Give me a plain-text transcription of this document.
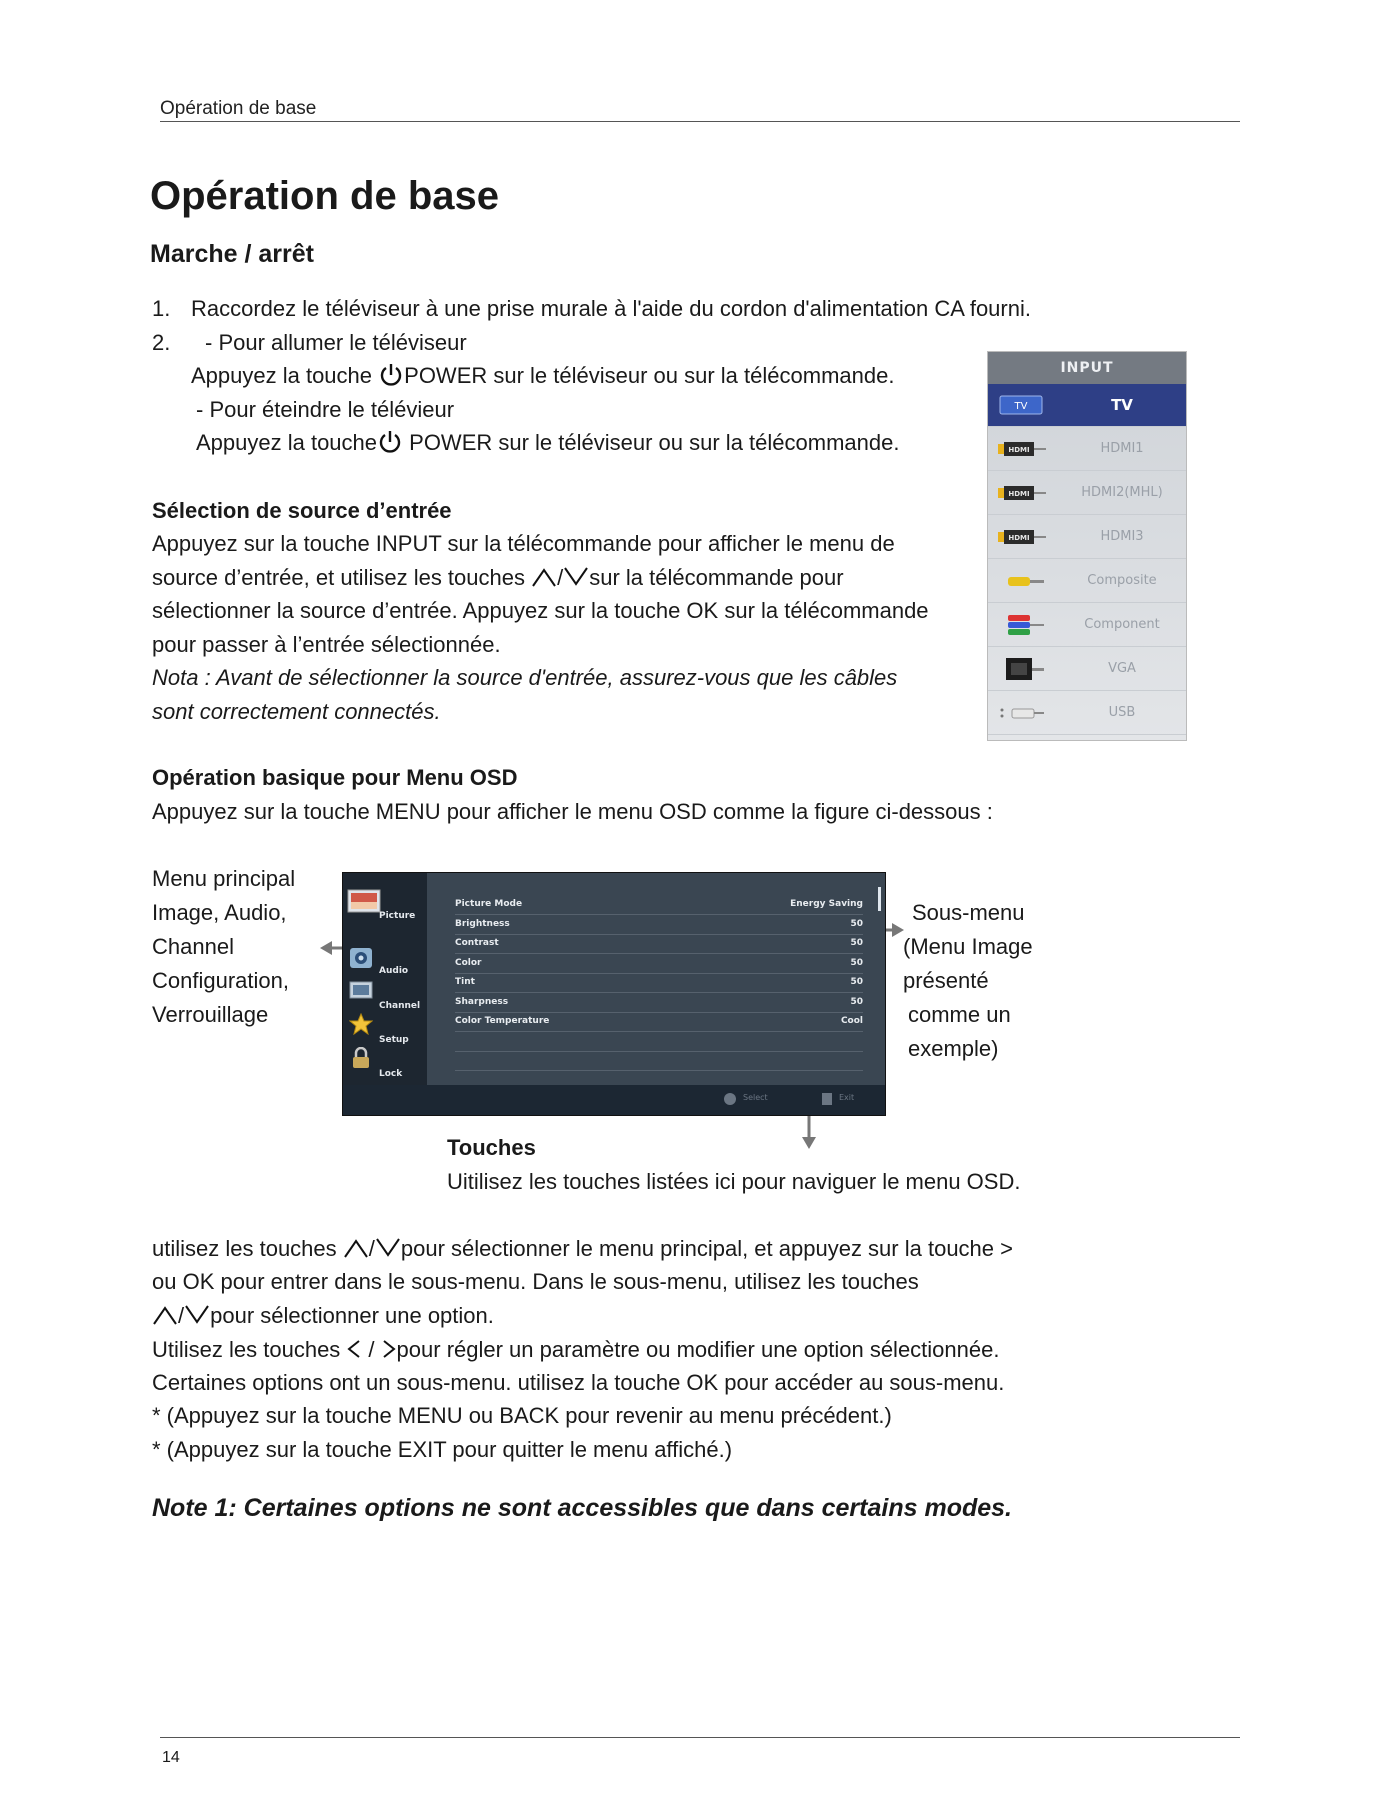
Opération de base
Opération de base
Marche / arrêt
1. Raccordez le téléviseur à une prise murale à l'aide du cordon d'alimentation CA fourni.
2. - Pour allumer le téléviseur
Appuyez la touche POWER sur le téléviseur ou sur la télécommande.
- Pour éteindre le télévieur
Appuyez la touche POWER sur le téléviseur ou sur la télécommande.
Sélection de source d’entrée
Appuyez sur la touche INPUT sur la télécommande pour afficher le menu de
source d’entrée, et utilisez les touches / sur la télécommande pour
sélectionner la source d’entrée. Appuyez sur la touche OK sur la télécommande
pour passer à l’entrée sélectionnée.
Nota : Avant de sélectionner la source d'entrée, assurez-vous que les câbles
sont correctement connectés.
INPUT
TV	TV
HDMI	HDMI1
HDMI	HDMI2(MHL)
HDMI	HDMI3
Composite
Component
VGA
USB
Opération basique pour Menu OSD
Appuyez sur la touche MENU pour afficher le menu OSD comme la figure ci-dessous :
Menu principal
Image, Audio,
Channel
Configuration,
Verrouillage
Sous-menu
(Menu Image
présenté
comme un
exemple)
Picture
Audio
Channel
Setup
Lock
Picture Mode	Energy Saving
Brightness	50
Contrast	50
Color	50
Tint	50
Sharpness	50
Color Temperature	Cool
Select	Exit
Touches
Uitilisez les touches listées ici pour naviguer le menu OSD.
utilisez les touches / pour sélectionner le menu principal, et appuyez sur la touche >
ou OK pour entrer dans le sous-menu. Dans le sous-menu, utilisez les touches
/ pour sélectionner une option.
Utilisez les touches / pour régler un paramètre ou modifier une option sélectionnée.
Certaines options ont un sous-menu. utilisez la touche OK pour accéder au sous-menu.
* (Appuyez sur la touche MENU ou BACK pour revenir au menu précédent.)
* (Appuyez sur la touche EXIT pour quitter le menu affiché.)
Note 1: Certaines options ne sont accessibles que dans certains modes.
14
